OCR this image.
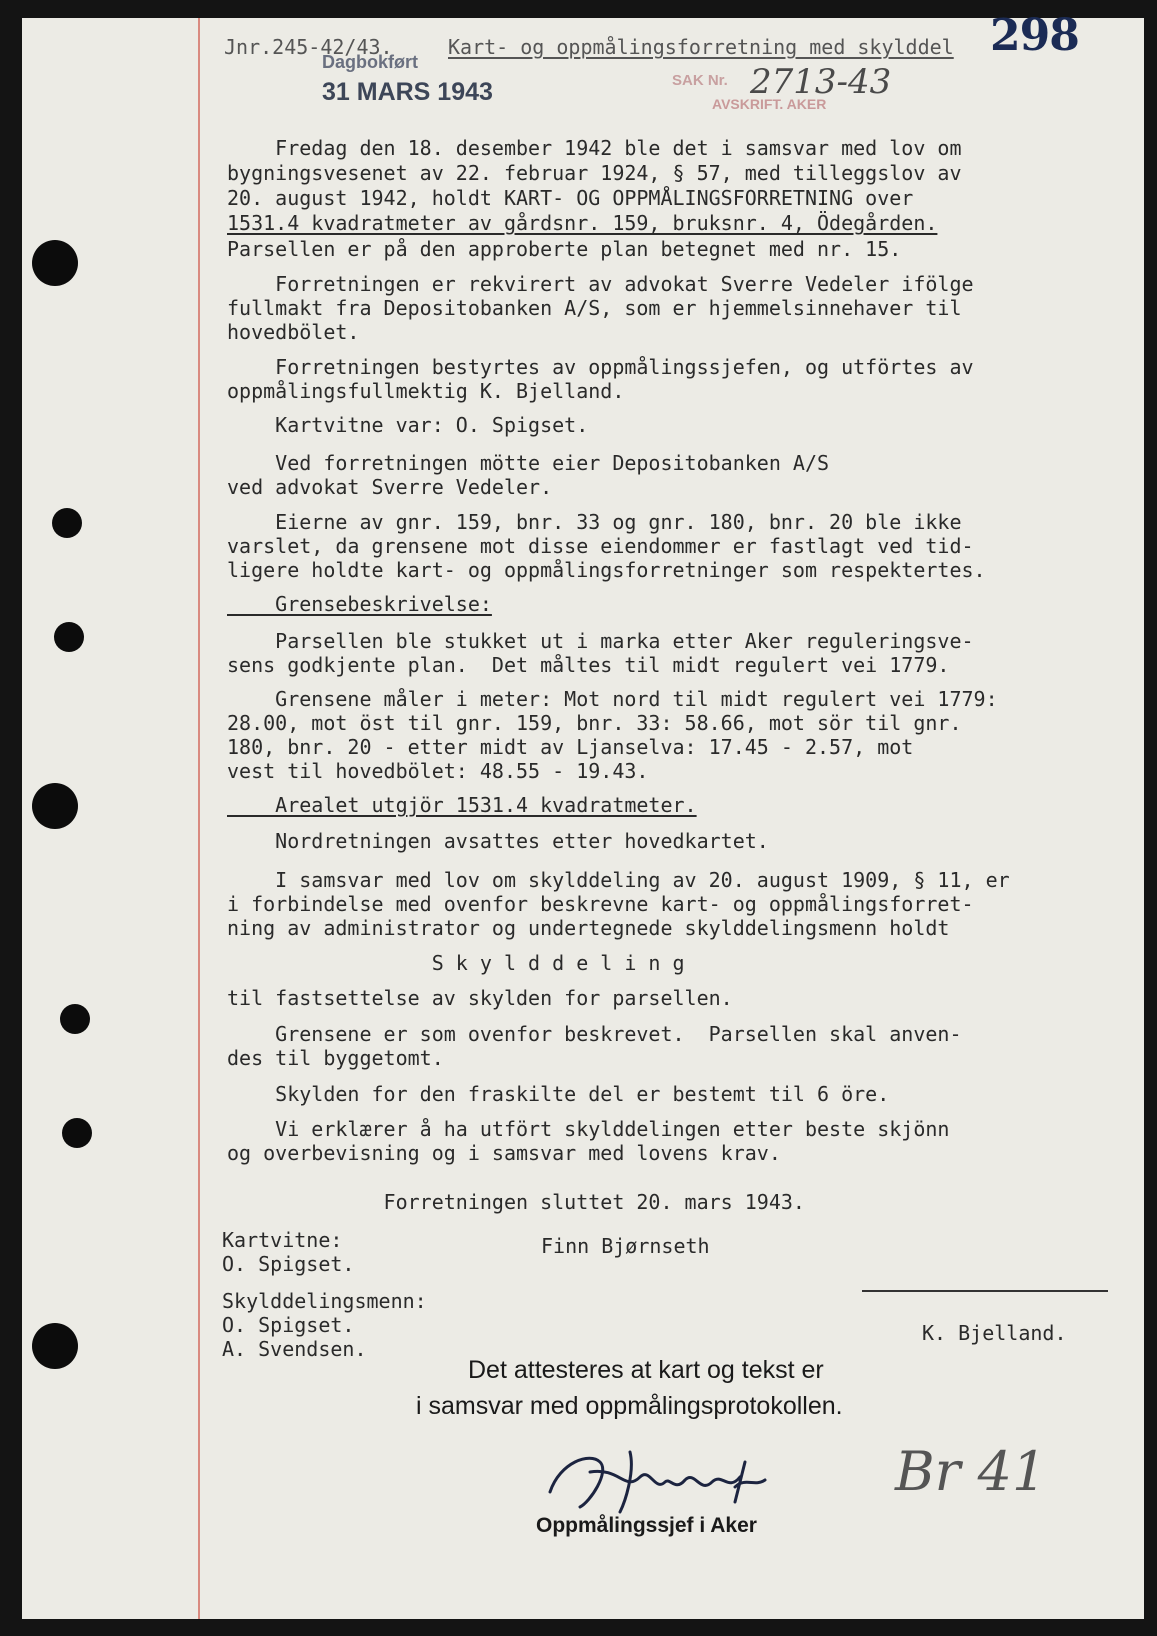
Jnr.245-42/43.	Kart- og oppmålingsforretning med skylddel 298
Dagbokført
31 MARS 1943	SAK Nr. 2713-43
AVSKRIFT. AKER
Fredag den 18. desember 1942 ble det i samsvar med lov om
bygningsvesenet av 22. februar 1924, § 57, med tilleggslov av
20. august 1942, holdt KART- OG OPPMÅLINGSFORRETNING over
1531.4 kvadratmeter av gårdsnr. 159, bruksnr. 4, Ödegården.
Parsellen er på den approberte plan betegnet med nr. 15.
Forretningen er rekvirert av advokat Sverre Vedeler ifölge
fullmakt fra Depositobanken A/S, som er hjemmelsinnehaver til
hovedbölet.
Forretningen bestyrtes av oppmålingssjefen, og utförtes av
oppmålingsfullmektig K. Bjelland.
Kartvitne var: O. Spigset.
Ved forretningen mötte eier Depositobanken A/S
ved advokat Sverre Vedeler.
Eierne av gnr. 159, bnr. 33 og gnr. 180, bnr. 20 ble ikke
varslet, da grensene mot disse eiendommer er fastlagt ved tid-
ligere holdte kart- og oppmålingsforretninger som respektertes.
Grensebeskrivelse:
Parsellen ble stukket ut i marka etter Aker reguleringsve-
sens godkjente plan.  Det måltes til midt regulert vei 1779.
Grensene måler i meter: Mot nord til midt regulert vei 1779:
28.00, mot öst til gnr. 159, bnr. 33: 58.66, mot sör til gnr.
180, bnr. 20 - etter midt av Ljanselva: 17.45 - 2.57, mot
vest til hovedbölet: 48.55 - 19.43.
Arealet utgjör 1531.4 kvadratmeter.
Nordretningen avsattes etter hovedkartet.
I samsvar med lov om skylddeling av 20. august 1909, § 11, er
i forbindelse med ovenfor beskrevne kart- og oppmålingsforret-
ning av administrator og undertegnede skylddelingsmenn holdt
S k y l d d e l i n g
til fastsettelse av skylden for parsellen.
Grensene er som ovenfor beskrevet.  Parsellen skal anven-
des til byggetomt.
Skylden for den fraskilte del er bestemt til 6 öre.
Vi erklærer å ha utfört skylddelingen etter beste skjönn
og overbevisning og i samsvar med lovens krav.
Forretningen sluttet 20. mars 1943.
Kartvitne:
O. Spigset.
Finn Bjørnseth
Skylddelingsmenn:
O. Spigset.
A. Svendsen.
K. Bjelland.
Det attesteres at kart og tekst er
i samsvar med oppmålingsprotokollen.
Oppmålingssjef i Aker
Br 41
